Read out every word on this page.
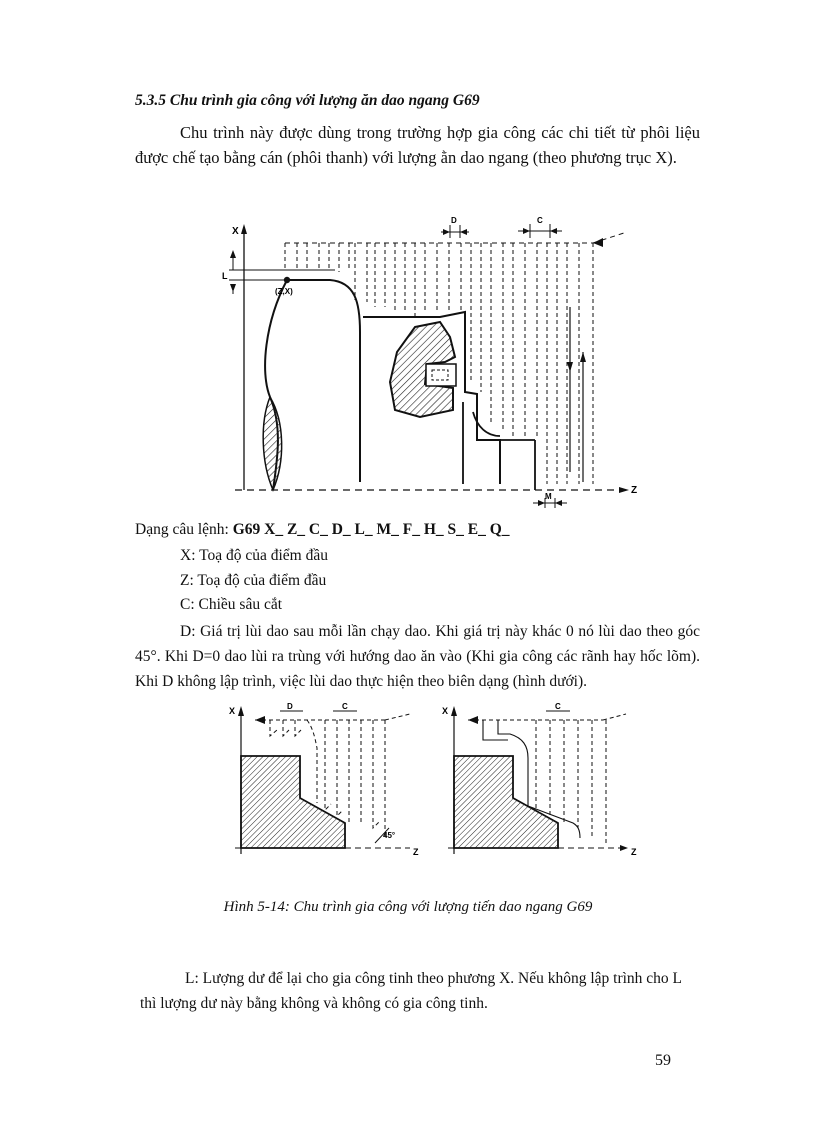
5.3.5 Chu trình gia công với lượng ăn dao ngang G69
Chu trình này được dùng trong trường hợp gia công các chi tiết từ phôi liệu được chế tạo bằng cán (phôi thanh) với lượng ằn dao ngang (theo phương trục X).
X
Z
L
(Z,X)
D	C
M
Dạng câu lệnh: G69 X_ Z_ C_ D_ L_ M_ F_ H_ S_ E_ Q_
X: Toạ độ của điểm đầu
Z: Toạ độ của điểm đầu
C: Chiều sâu cắt
D: Giá trị lùi dao sau mỗi lần chạy dao. Khi giá trị này khác 0 nó lùi dao theo góc 45°. Khi D=0 dao lùi ra trùng với hướng dao ăn vào (Khi gia công các rãnh hay hốc lõm). Khi D không lập trình, việc lùi dao thực hiện theo biên dạng (hình dưới).
X
Z
45°
D	C	X
Z
C
Hình 5-14: Chu trình gia công với lượng tiến dao ngang G69
L: Lượng dư để lại cho gia công tinh theo phương X. Nếu không lập trình cho L thì lượng dư này bằng không và không có gia công tinh.
59
